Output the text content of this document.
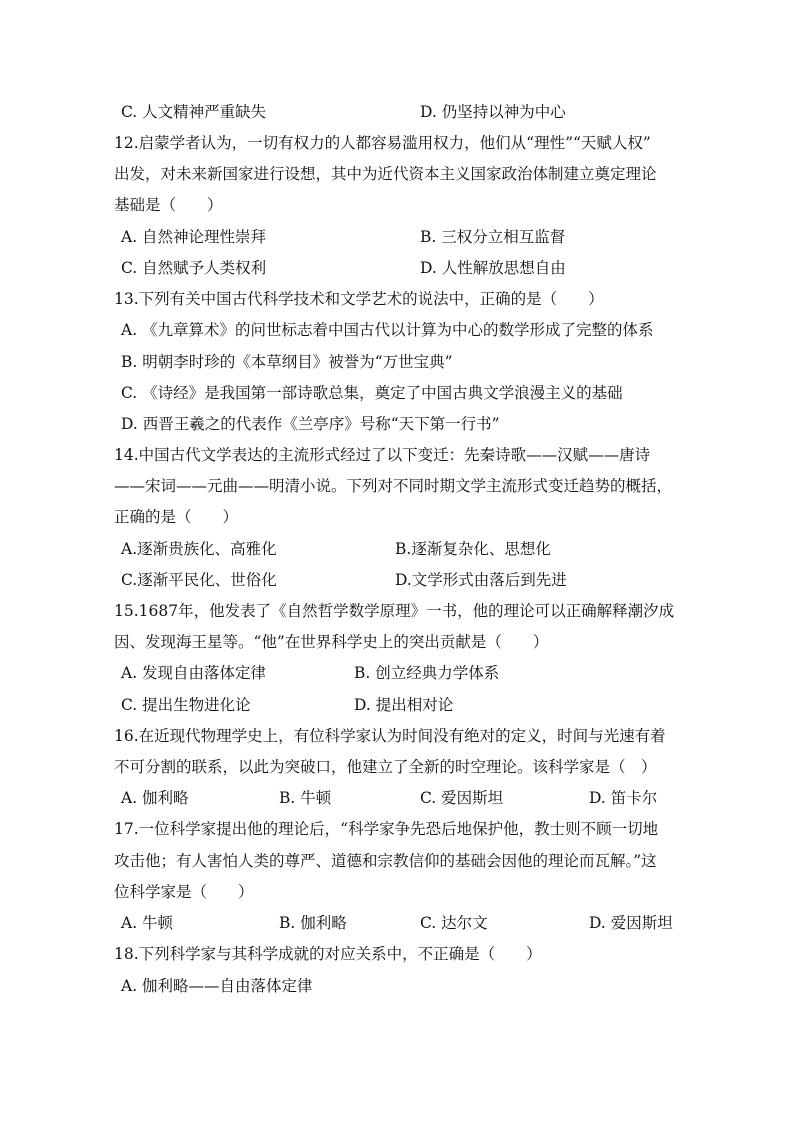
C. 人文精神严重缺失	D. 仍坚持以神为中心
12.启蒙学者认为，一切有权力的人都容易滥用权力，他们从“理性”“天赋人权”
出发，对未来新国家进行设想，其中为近代资本主义国家政治体制建立奠定理论
基础是（　　）
A. 自然神论理性崇拜	B. 三权分立相互监督
C. 自然赋予人类权利	D. 人性解放思想自由
13.下列有关中国古代科学技术和文学艺术的说法中，正确的是（　　）
A. 《九章算术》的问世标志着中国古代以计算为中心的数学形成了完整的体系
B. 明朝李时珍的《本草纲目》被誉为“万世宝典”
C. 《诗经》是我国第一部诗歌总集，奠定了中国古典文学浪漫主义的基础
D. 西晋王羲之的代表作《兰亭序》号称“天下第一行书”
14.中国古代文学表达的主流形式经过了以下变迁：先秦诗歌——汉赋——唐诗
——宋词——元曲——明清小说。下列对不同时期文学主流形式变迁趋势的概括，
正确的是（　　）
A.逐渐贵族化、高雅化	B.逐渐复杂化、思想化
C.逐渐平民化、世俗化	D.文学形式由落后到先进
15.1687年，他发表了《自然哲学数学原理》一书，他的理论可以正确解释潮汐成
因、发现海王星等。“他”在世界科学史上的突出贡献是（　　）
A. 发现自由落体定律	B. 创立经典力学体系
C. 提出生物进化论	D. 提出相对论
16.在近现代物理学史上，有位科学家认为时间没有绝对的定义，时间与光速有着
不可分割的联系，以此为突破口，他建立了全新的时空理论。该科学家是（　）
A. 伽利略	B. 牛顿	C. 爱因斯坦	D. 笛卡尔
17.一位科学家提出他的理论后，“科学家争先恐后地保护他，教士则不顾一切地
攻击他；有人害怕人类的尊严、道德和宗教信仰的基础会因他的理论而瓦解。”这
位科学家是（　　）
A. 牛顿	B. 伽利略	C. 达尔文	D. 爱因斯坦
18.下列科学家与其科学成就的对应关系中，不正确是（　　）
A. 伽利略——自由落体定律
